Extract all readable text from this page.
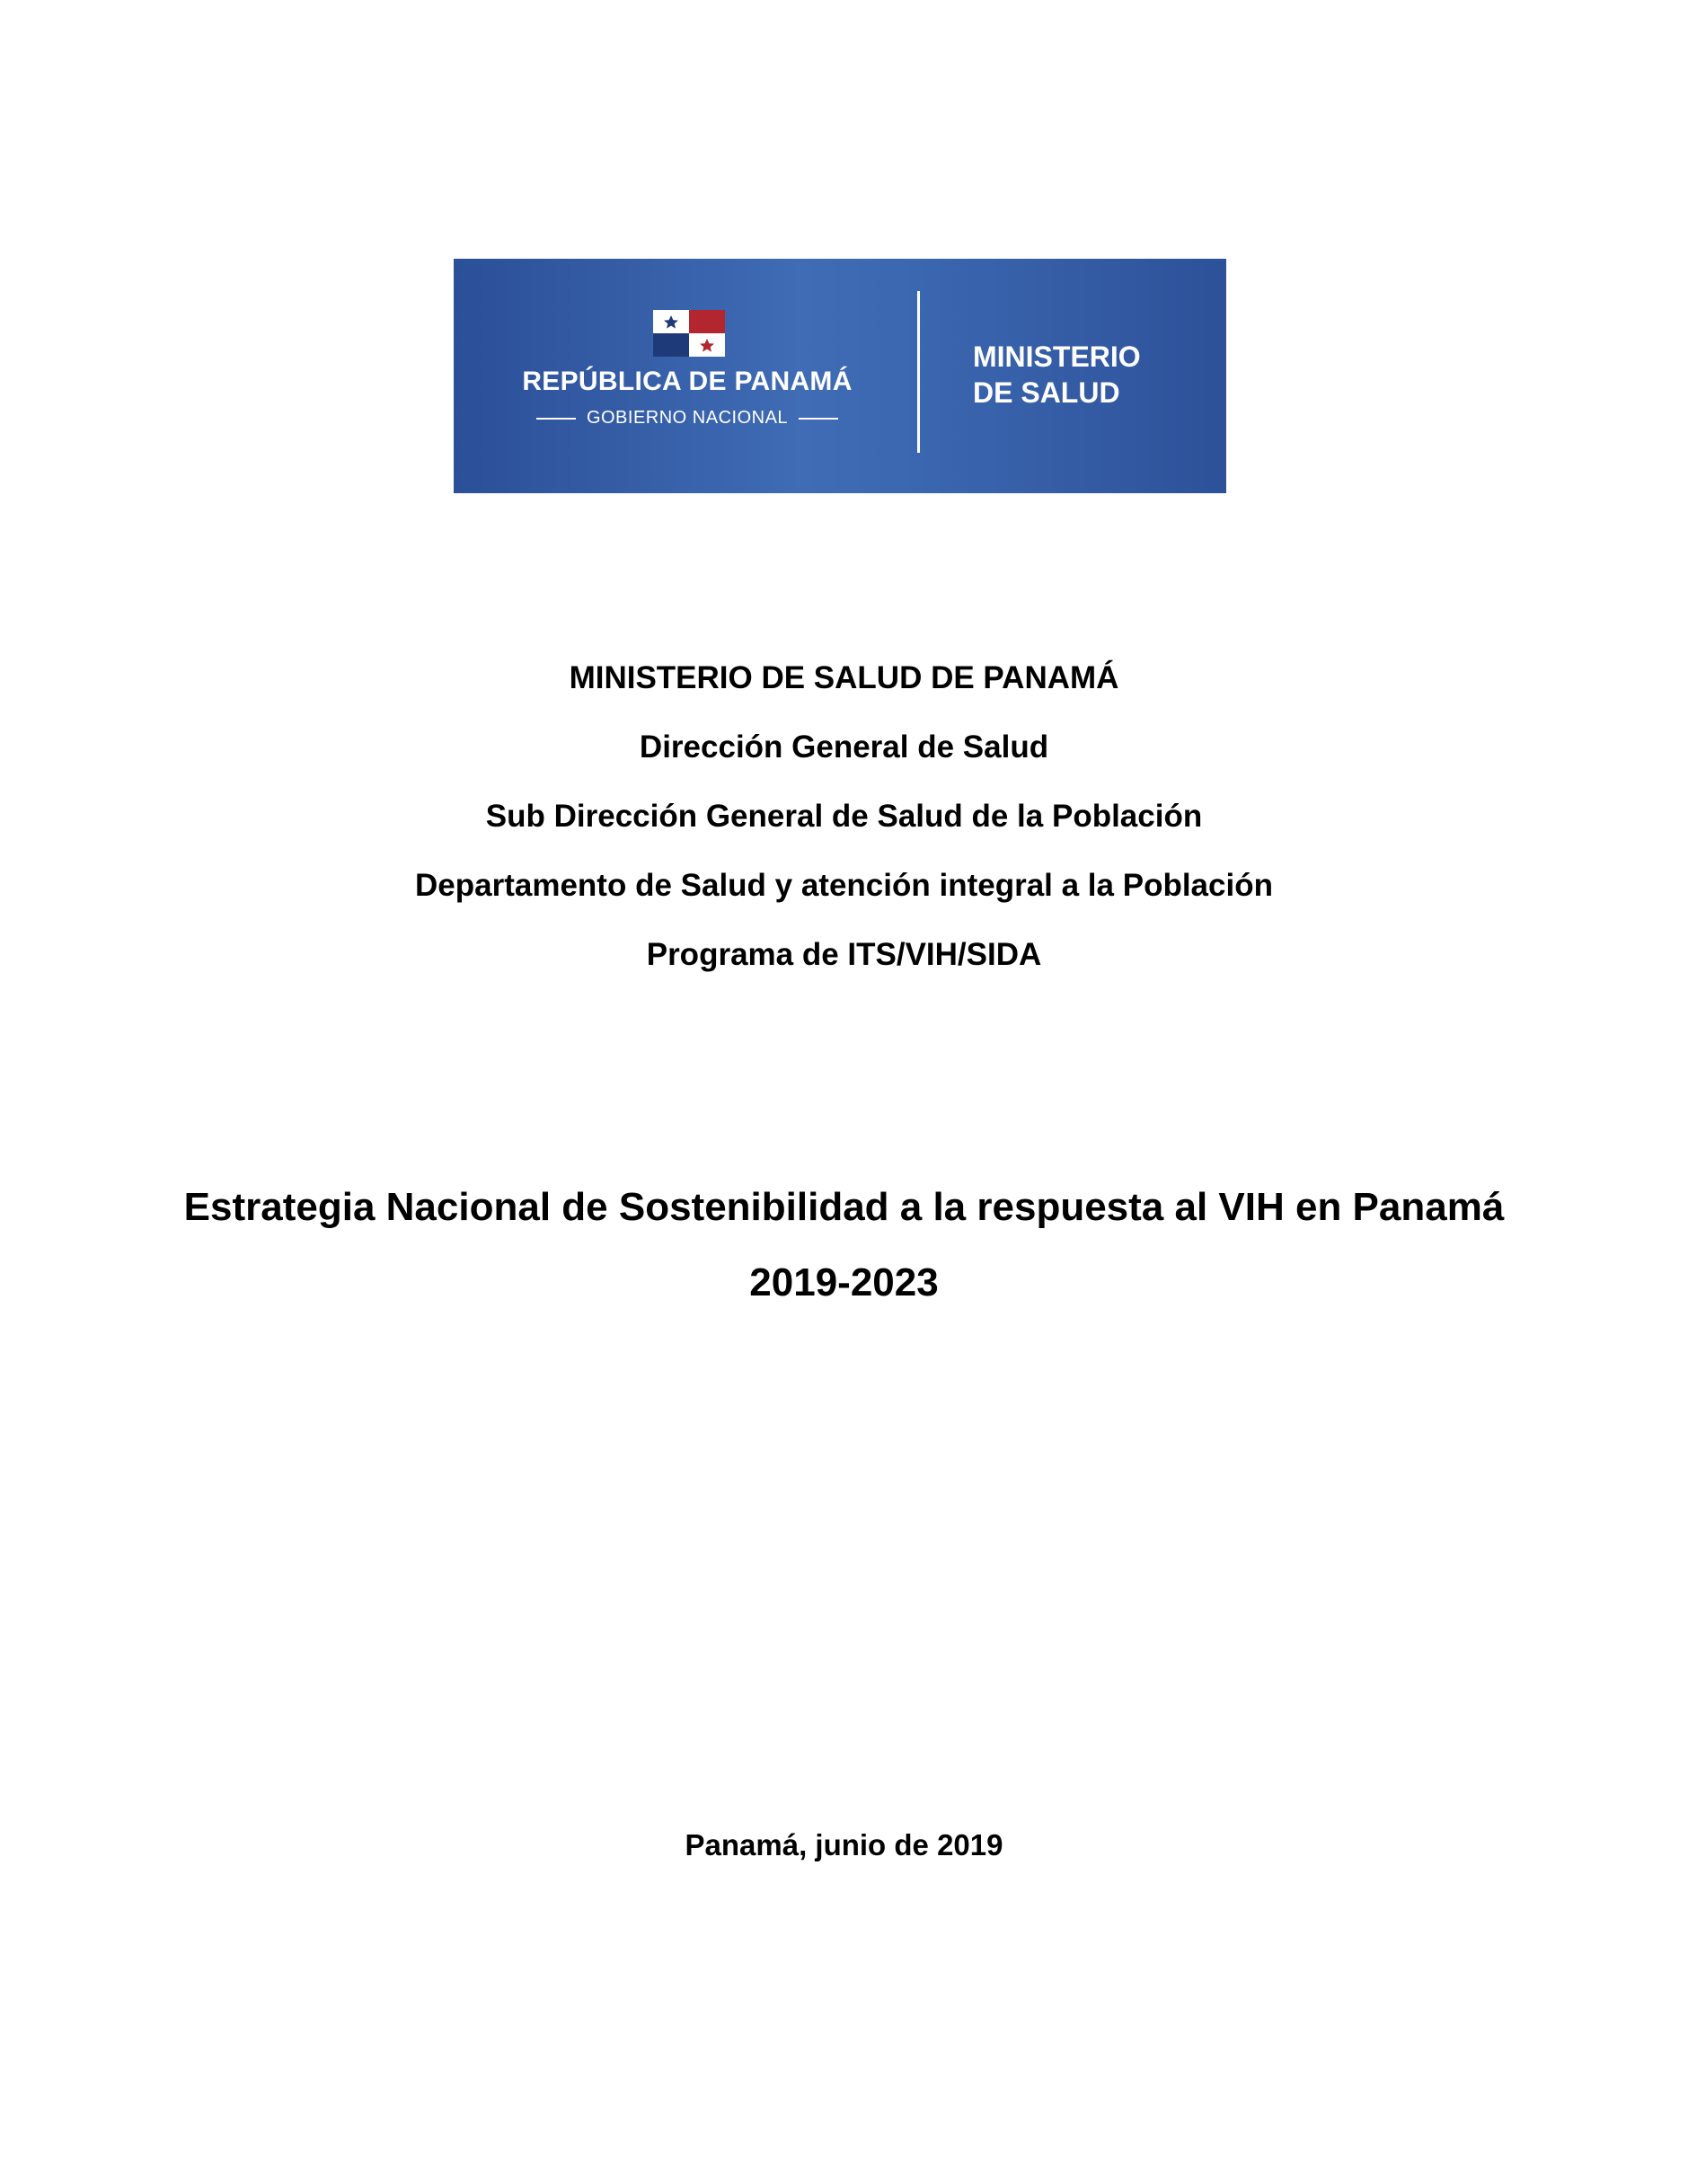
REPÚBLICA DE PANAMÁ
GOBIERNO NACIONAL
MINISTERIO
DE SALUD
MINISTERIO DE SALUD DE PANAMÁ
Dirección General de Salud
Sub Dirección General de Salud de la Población
Departamento de Salud y atención integral a la Población
Programa de ITS/VIH/SIDA
Estrategia Nacional de Sostenibilidad a la respuesta al VIH en Panamá
2019-2023
Panamá, junio de 2019
